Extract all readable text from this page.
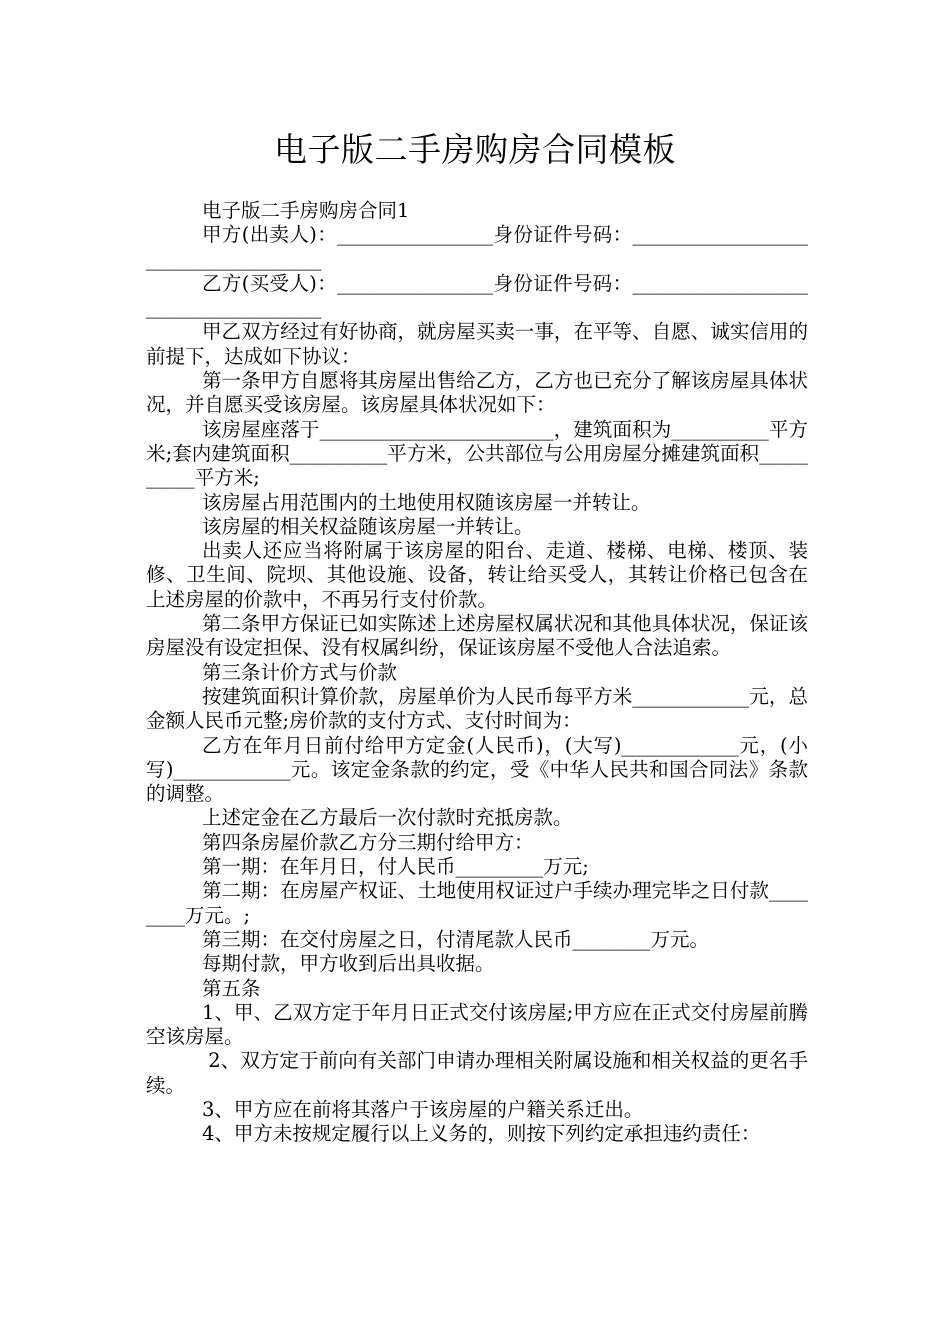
电子版二手房购房合同模板

电子版二手房购房合同1

甲方(出卖人)：________________身份证件号码：____________________________________

乙方(买受人)：________________身份证件号码：____________________________________

甲乙双方经过有好协商，就房屋买卖一事，在平等、自愿、诚实信用的前提下，达成如下协议：

第一条甲方自愿将其房屋出售给乙方，乙方也已充分了解该房屋具体状况，并自愿买受该房屋。该房屋具体状况如下：

该房屋座落于________________________，建筑面积为__________平方米;套内建筑面积__________平方米，公共部位与公用房屋分摊建筑面积__________平方米;

该房屋占用范围内的土地使用权随该房屋一并转让。

该房屋的相关权益随该房屋一并转让。

出卖人还应当将附属于该房屋的阳台、走道、楼梯、电梯、楼顶、装修、卫生间、院坝、其他设施、设备，转让给买受人，其转让价格已包含在上述房屋的价款中，不再另行支付价款。

第二条甲方保证已如实陈述上述房屋权属状况和其他具体状况，保证该房屋没有设定担保、没有权属纠纷，保证该房屋不受他人合法追索。

第三条计价方式与价款

按建筑面积计算价款，房屋单价为人民币每平方米____________元，总金额人民币元整;房价款的支付方式、支付时间为：

乙方在年月日前付给甲方定金(人民币)，(大写)____________元，(小写)____________元。该定金条款的约定，受《中华人民共和国合同法》条款的调整。

上述定金在乙方最后一次付款时充抵房款。

第四条房屋价款乙方分三期付给甲方：

第一期：在年月日，付人民币_________万元;

第二期：在房屋产权证、土地使用权证过户手续办理完毕之日付款________万元。;

第三期：在交付房屋之日，付清尾款人民币________万元。

每期付款，甲方收到后出具收据。

第五条

1、甲、乙双方定于年月日正式交付该房屋;甲方应在正式交付房屋前腾空该房屋。

2、双方定于前向有关部门申请办理相关附属设施和相关权益的更名手续。

3、甲方应在前将其落户于该房屋的户籍关系迁出。

4、甲方未按规定履行以上义务的，则按下列约定承担违约责任：
